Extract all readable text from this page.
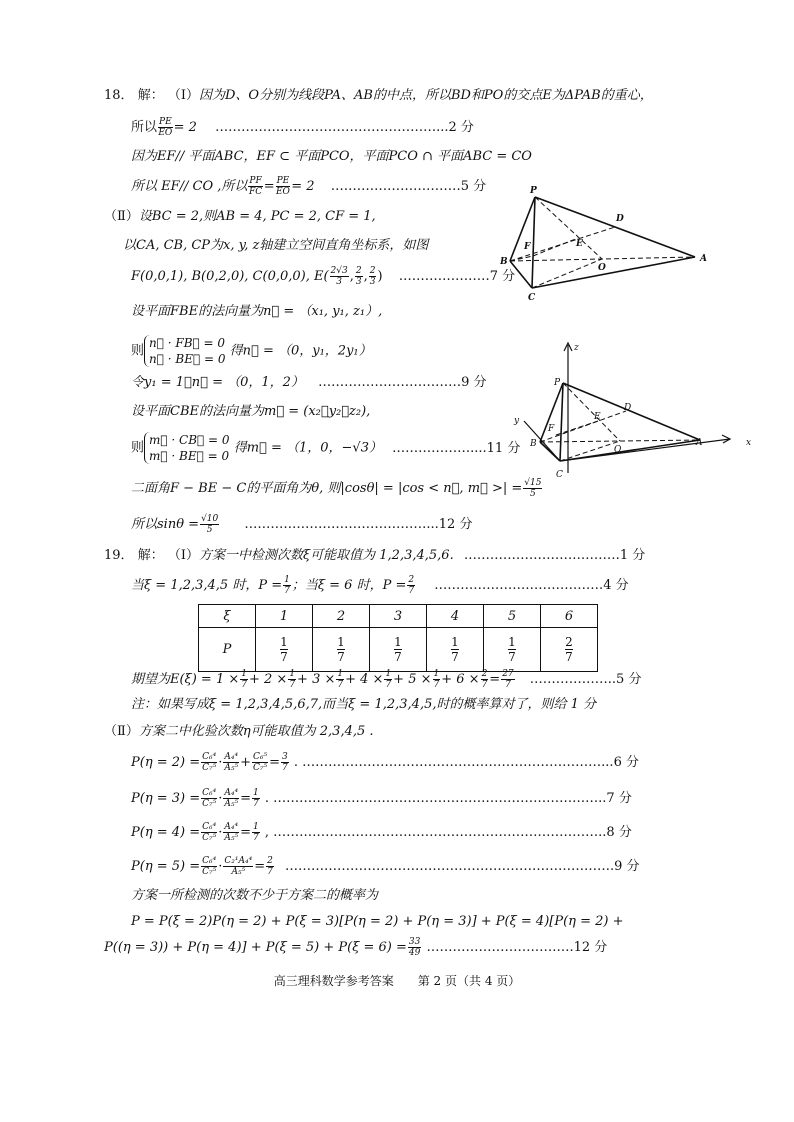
18． 解： （Ⅰ）因为D、O分别为线段PA、AB的中点，所以BD和PO的交点E为ΔPAB的重心，
所以 $\frac{PE}{EO} = 2$ ……………………………………………...2 分
因为EF// 平面ABC，EF ⊂ 平面PCO，平面PCO ∩ 平面ABC = CO
所以 EF// CO ,所以 $\frac{PF}{FC} = \frac{PE}{EO} = 2$ …………………………5 分
（Ⅱ）设BC = 2,则AB = 4, PC = 2, CF = 1,
以CA, CB, CP为x, y, z轴建立空间直角坐标系，如图
F(0,0,1), B(0,2,0), C(0,0,0), $E( \frac{2√3}{3}$ , $\frac{2}{3}$ , $\frac{2}{3}$ ) …………………7 分
设平面FBE的法向量为n⃗ = （x₁, y₁, z₁）,
则
n⃗ · FB⃗ = 0
n⃗ · BE⃗ = 0
得n⃗ = （0，y₁，2y₁）
令y₁ = 1，n⃗ = （0，1，2） ……………………………9 分
设平面CBE的法向量为m⃗ = (x₂，y₂，z₂),
则
m⃗ · CB⃗ = 0
m⃗ · BE⃗ = 0
得m⃗ = （1，0，−√3） ………………....11 分
二面角F − BE − C的平面角为θ, 则|cosθ| = |cos < n⃗, m⃗ >| = $\frac{√15}{5}$
所以$\sin\theta = \frac{√10}{5}$ ……………………………………...12 分
P
D
E
F
B
O
A
C
z
P
D
E
F
y
B
O
A	x
C
19． 解： （Ⅰ）方案一中检测次数ξ可能取值为 1,2,3,4,5,6. ………………………………1 分
当ξ = 1,2,3,4,5 时，$P = \frac{1}{7}$ ；当ξ = 6 时，$P = \frac{2}{7}$ …………………………………4 分
ξ	1	2	3	4	5	6
P	$\frac{1}{7}$	$\frac{1}{7}$	$\frac{1}{7}$	$\frac{1}{7}$	$\frac{1}{7}$	$\frac{2}{7}$
期望为$E(\xi) = 1 \times \frac{1}{7} + 2 \times \frac{1}{7} + 3 \times \frac{1}{7} + 4 \times \frac{1}{7} + 5 \times \frac{1}{7} + 6 \times \frac{2}{7} = \frac{27}{7}$ ………………..5 分
注：如果写成ξ = 1,2,3,4,5,6,7,而当ξ = 1,2,3,4,5,时的概率算对了，则给 1 分
（Ⅱ）方案二中化验次数η可能取值为 2,3,4,5 .
$P(\eta = 2) = \frac{\text{C₆⁴}}{\text{C₇⁵}} \cdot \frac{\text{A₄⁴}}{\text{A₅⁵}} + \frac{\text{C₆⁵}}{\text{C₇⁵}} = \frac{3}{7}$ . ……………………………………………………………...6 分
$P(\eta = 3) = \frac{\text{C₆⁴}}{\text{C₇⁵}} \cdot \frac{\text{A₄⁴}}{\text{A₅⁵}} = \frac{1}{7}$ . …………………………………………………………………..7 分
$P(\eta = 4) = \frac{\text{C₆⁴}}{\text{C₇⁵}} \cdot \frac{\text{A₄⁴}}{\text{A₅⁵}} = \frac{1}{7}$ , …………………………………………………………………..8 分
$P(\eta = 5) = \frac{\text{C₆⁴}}{\text{C₇⁵}} \cdot \frac{\text{C₂¹A₄⁴}}{\text{A₅⁵}} = \frac{2}{7}$ ………………………………………………………………….9 分
方案一所检测的次数不少于方案二的概率为
P = P(ξ = 2)P(η = 2) + P(ξ = 3)[P(η = 2) + P(η = 3)] + P(ξ = 4)[P(η = 2) +
$P((\eta = 3)) + P(\eta = 4)] + P(\xi = 5) + P(\xi = 6) = \frac{33}{49}$ …………………………….12 分
高三理科数学参考答案　　第 2 页（共 4 页）
